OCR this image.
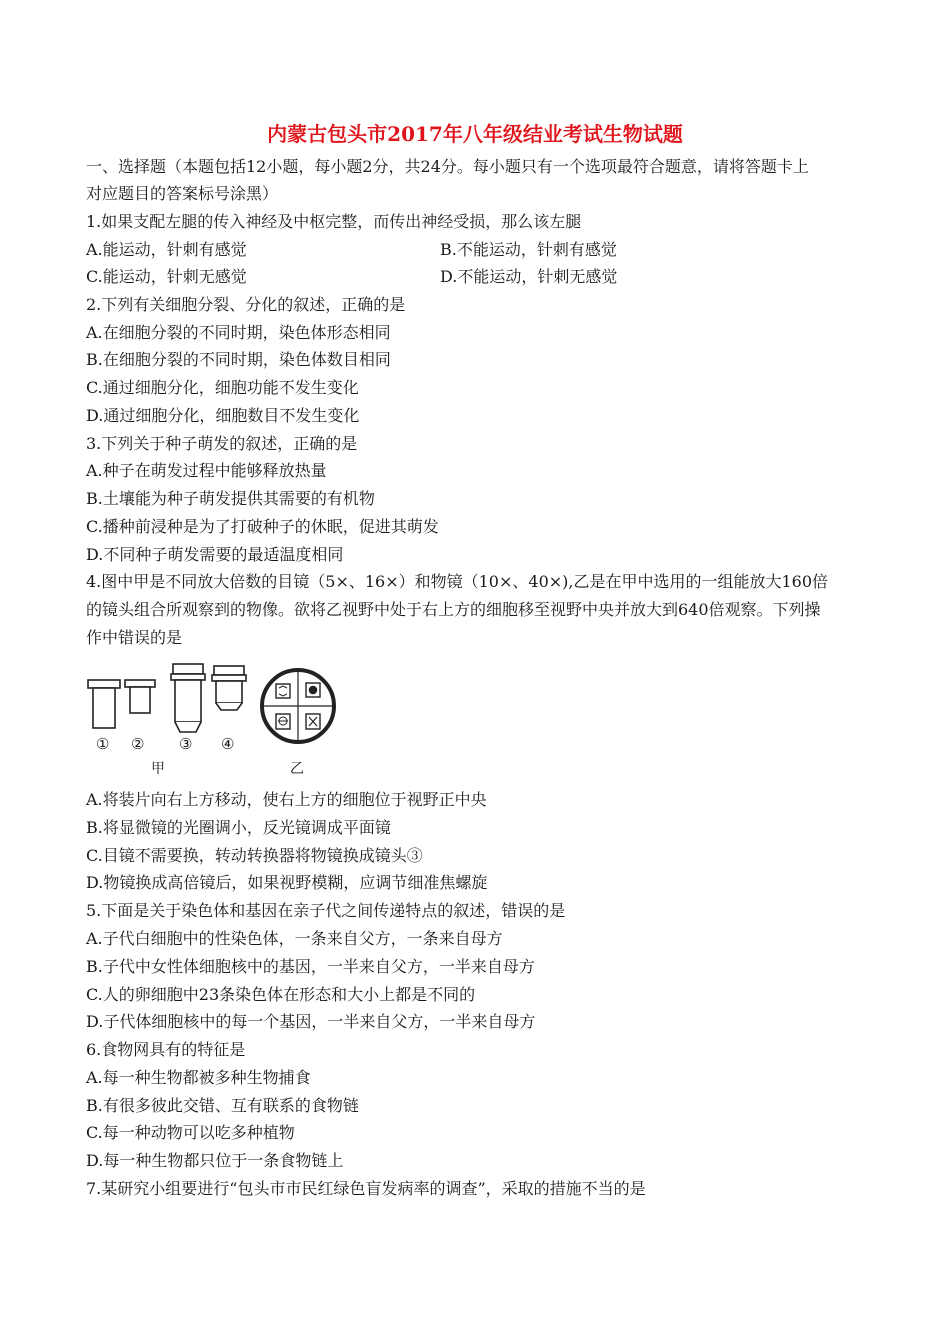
内蒙古包头市2017年八年级结业考试生物试题
一、选择题（本题包括12小题，每小题2分，共24分。每小题只有一个选项最符合题意，请将答题卡上
对应题目的答案标号涂黑）
1.如果支配左腿的传入神经及中枢完整，而传出神经受损，那么该左腿
A.能运动，针刺有感觉	B.不能运动，针刺有感觉
C.能运动，针刺无感觉	D.不能运动，针刺无感觉
2.下列有关细胞分裂、分化的叙述，正确的是
A.在细胞分裂的不同时期，染色体形态相同
B.在细胞分裂的不同时期，染色体数目相同
C.通过细胞分化，细胞功能不发生变化
D.通过细胞分化，细胞数目不发生变化
3.下列关于种子萌发的叙述，正确的是
A.种子在萌发过程中能够释放热量
B.土壤能为种子萌发提供其需要的有机物
C.播种前浸种是为了打破种子的休眠，促进其萌发
D.不同种子萌发需要的最适温度相同
4.图中甲是不同放大倍数的目镜（5×、16×）和物镜（10×、40×),乙是在甲中选用的一组能放大160倍
的镜头组合所观察到的物像。欲将乙视野中处于右上方的细胞移至视野中央并放大到640倍观察。下列操
作中错误的是
① ② ③ ④
甲	乙
A.将装片向右上方移动，使右上方的细胞位于视野正中央
B.将显微镜的光圈调小，反光镜调成平面镜
C.目镜不需要换，转动转换器将物镜换成镜头③
D.物镜换成高倍镜后，如果视野模糊，应调节细准焦螺旋
5.下面是关于染色体和基因在亲子代之间传递特点的叙述，错误的是
A.子代白细胞中的性染色体，一条来自父方，一条来自母方
B.子代中女性体细胞核中的基因，一半来自父方，一半来自母方
C.人的卵细胞中23条染色体在形态和大小上都是不同的
D.子代体细胞核中的每一个基因，一半来自父方，一半来自母方
6.食物网具有的特征是
A.每一种生物都被多种生物捕食
B.有很多彼此交错、互有联系的食物链
C.每一种动物可以吃多种植物
D.每一种生物都只位于一条食物链上
7.某研究小组要进行“包头市市民红绿色盲发病率的调查”，采取的措施不当的是
